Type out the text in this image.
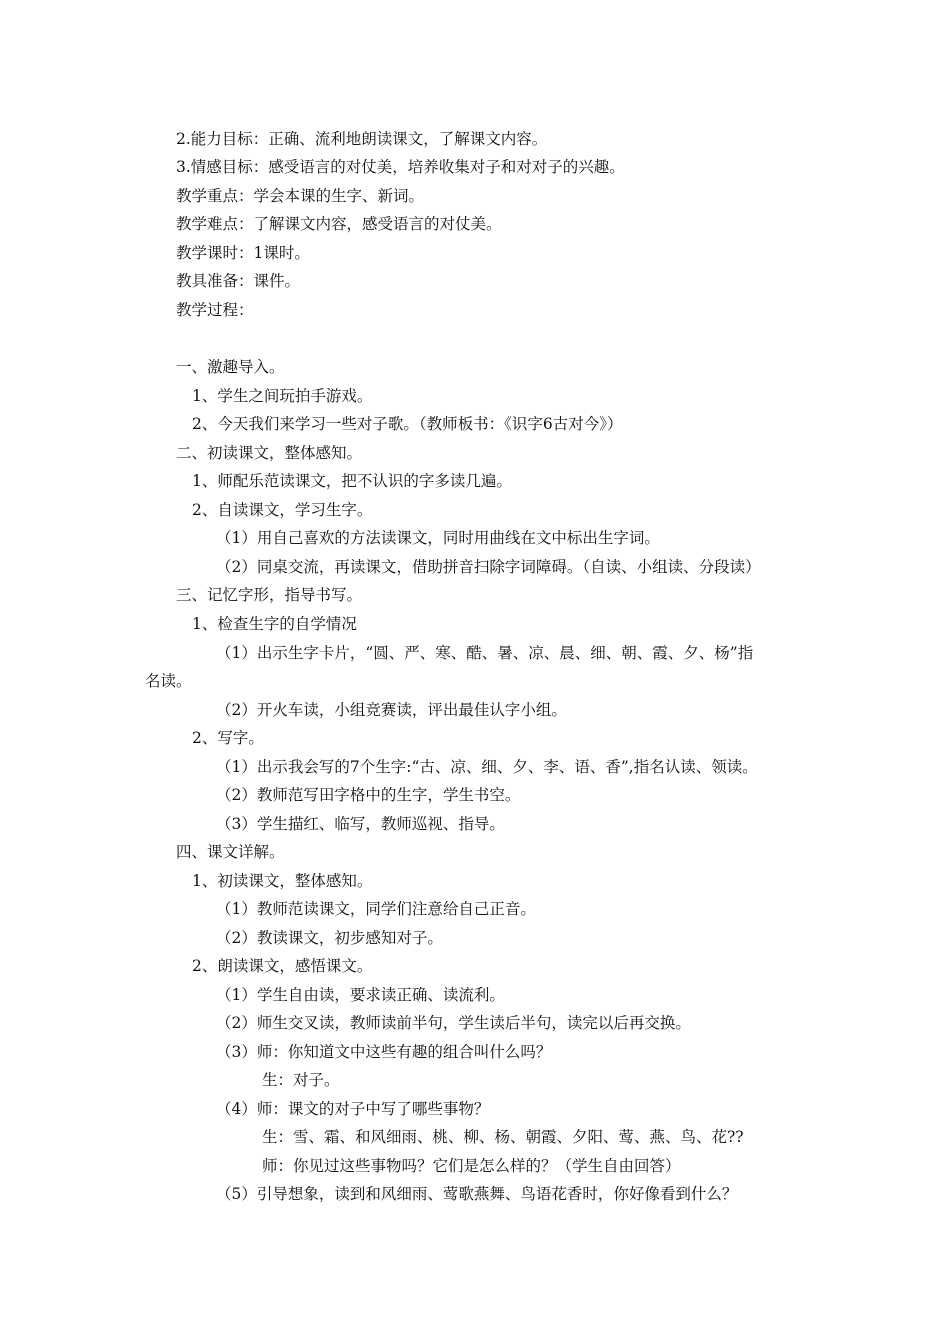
2.能力目标：正确、流利地朗读课文，了解课文内容。
3.情感目标：感受语言的对仗美，培养收集对子和对对子的兴趣。
教学重点：学会本课的生字、新词。
教学难点：了解课文内容，感受语言的对仗美。
教学课时：1课时。
教具准备：课件。
教学过程：
一、激趣导入。
1、学生之间玩拍手游戏。
2、今天我们来学习一些对子歌。（教师板书：《识字6古对今》）
二、初读课文，整体感知。
1、师配乐范读课文，把不认识的字多读几遍。
2、自读课文，学习生字。
（1）用自己喜欢的方法读课文，同时用曲线在文中标出生字词。
（2）同桌交流，再读课文，借助拼音扫除字词障碍。（自读、小组读、分段读）
三、记忆字形，指导书写。
1、检查生字的自学情况
（1）出示生字卡片，“圆、严、寒、酷、暑、凉、晨、细、朝、霞、夕、杨”指
名读。
（2）开火车读，小组竞赛读，评出最佳认字小组。
2、写字。
（1）出示我会写的7个生字:“古、凉、细、夕、李、语、香”,指名认读、领读。
（2）教师范写田字格中的生字，学生书空。
（3）学生描红、临写，教师巡视、指导。
四、课文详解。
1、初读课文，整体感知。
（1）教师范读课文，同学们注意给自己正音。
（2）教读课文，初步感知对子。
2、朗读课文，感悟课文。
（1）学生自由读，要求读正确、读流利。
（2）师生交叉读，教师读前半句，学生读后半句，读完以后再交换。
（3）师：你知道文中这些有趣的组合叫什么吗？
生：对子。
（4）师：课文的对子中写了哪些事物？
生：雪、霜、和风细雨、桃、柳、杨、朝霞、夕阳、莺、燕、鸟、花??
师：你见过这些事物吗？它们是怎么样的？（学生自由回答）
（5）引导想象，读到和风细雨、莺歌燕舞、鸟语花香时，你好像看到什么？
